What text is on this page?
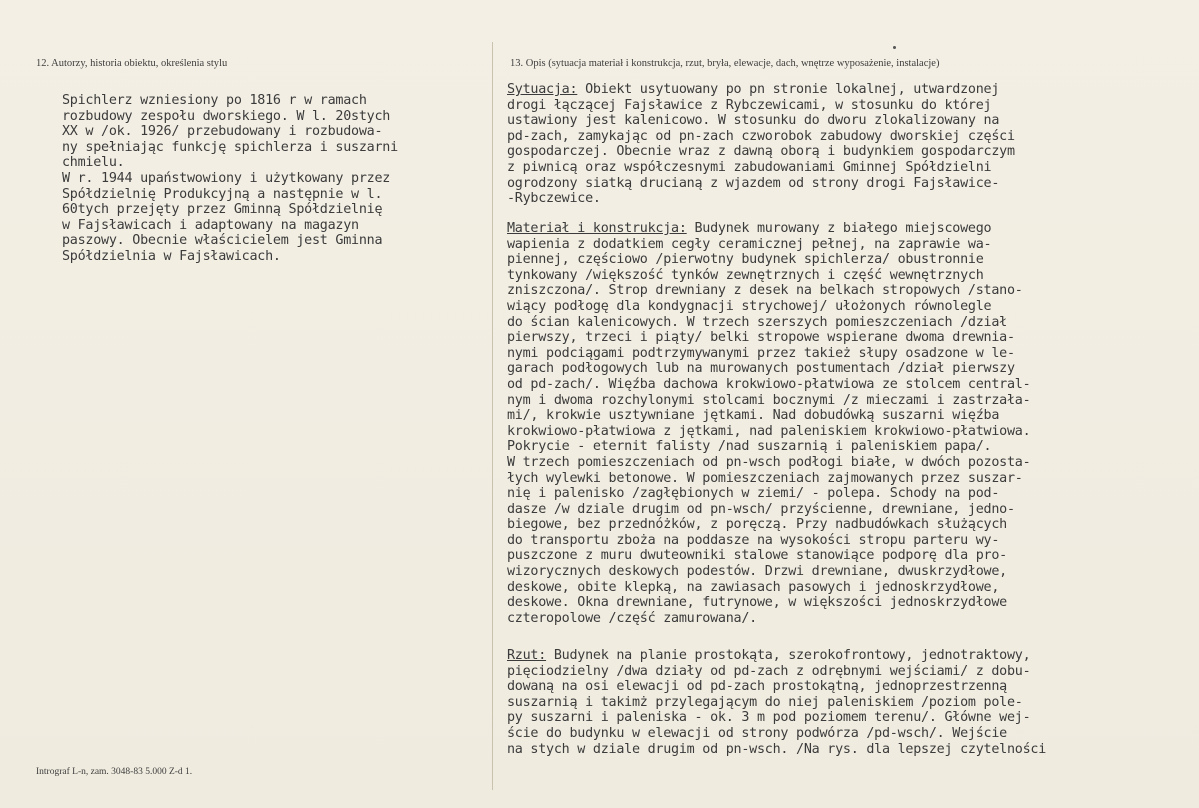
12. Autorzy, historia obiektu, określenia stylu	13. Opis (sytuacja materiał i konstrukcja, rzut, bryła, elewacje, dach, wnętrze wyposażenie, instalacje)
Spichlerz wzniesiony po 1816 r w ramach
rozbudowy zespołu dworskiego. W l. 20stych
XX w /ok. 1926/ przebudowany i rozbudowa-
ny spełniając funkcję spichlerza i suszarni
chmielu.
W r. 1944 upaństwowiony i użytkowany przez
Spółdzielnię Produkcyjną a następnie w l.
60tych przejęty przez Gminną Spółdzielnię
w Fajsławicach i adaptowany na magazyn
paszowy. Obecnie właścicielem jest Gminna
Spółdzielnia w Fajsławicach.
Sytuacja: Obiekt usytuowany po pn stronie lokalnej, utwardzonej
drogi łączącej Fajsławice z Rybczewicami, w stosunku do której
ustawiony jest kalenicowo. W stosunku do dworu zlokalizowany na
pd-zach, zamykając od pn-zach czworobok zabudowy dworskiej części
gospodarczej. Obecnie wraz z dawną oborą i budynkiem gospodarczym
z piwnicą oraz współczesnymi zabudowaniami Gminnej Spółdzielni
ogrodzony siatką drucianą z wjazdem od strony drogi Fajsławice-
-Rybczewice.
Materiał i konstrukcja: Budynek murowany z białego miejscowego
wapienia z dodatkiem cegły ceramicznej pełnej, na zaprawie wa-
piennej, częściowo /pierwotny budynek spichlerza/ obustronnie
tynkowany /większość tynków zewnętrznych i część wewnętrznych
zniszczona/. Strop drewniany z desek na belkach stropowych /stano-
wiący podłogę dla kondygnacji strychowej/ ułożonych równolegle
do ścian kalenicowych. W trzech szerszych pomieszczeniach /dział
pierwszy, trzeci i piąty/ belki stropowe wspierane dwoma drewnia-
nymi podciągami podtrzymywanymi przez takież słupy osadzone w le-
garach podłogowych lub na murowanych postumentach /dział pierwszy
od pd-zach/. Więźba dachowa krokwiowo-płatwiowa ze stolcem central-
nym i dwoma rozchylonymi stolcami bocznymi /z mieczami i zastrzała-
mi/, krokwie usztywniane jętkami. Nad dobudówką suszarni więźba
krokwiowo-płatwiowa z jętkami, nad paleniskiem krokwiowo-płatwiowa.
Pokrycie - eternit falisty /nad suszarnią i paleniskiem papa/.
W trzech pomieszczeniach od pn-wsch podłogi białe, w dwóch pozosta-
łych wylewki betonowe. W pomieszczeniach zajmowanych przez suszar-
nię i palenisko /zagłębionych w ziemi/ - polepa. Schody na pod-
dasze /w dziale drugim od pn-wsch/ przyścienne, drewniane, jedno-
biegowe, bez przednóżków, z poręczą. Przy nadbudówkach służących
do transportu zboża na poddasze na wysokości stropu parteru wy-
puszczone z muru dwuteowniki stalowe stanowiące podporę dla pro-
wizorycznych deskowych podestów. Drzwi drewniane, dwuskrzydłowe,
deskowe, obite klepką, na zawiasach pasowych i jednoskrzydłowe,
deskowe. Okna drewniane, futrynowe, w większości jednoskrzydłowe
czteropolowe /część zamurowana/.
Rzut: Budynek na planie prostokąta, szerokofrontowy, jednotraktowy,
pięciodzielny /dwa działy od pd-zach z odrębnymi wejściami/ z dobu-
dowaną na osi elewacji od pd-zach prostokątną, jednoprzestrzenną
suszarnią i takimż przylegającym do niej paleniskiem /poziom pole-
py suszarni i paleniska - ok. 3 m pod poziomem terenu/. Główne wej-
ście do budynku w elewacji od strony podwórza /pd-wsch/. Wejście
na stych w dziale drugim od pn-wsch. /Na rys. dla lepszej czytelności
Intrograf L-n, zam. 3048-83 5.000 Z-d 1.
